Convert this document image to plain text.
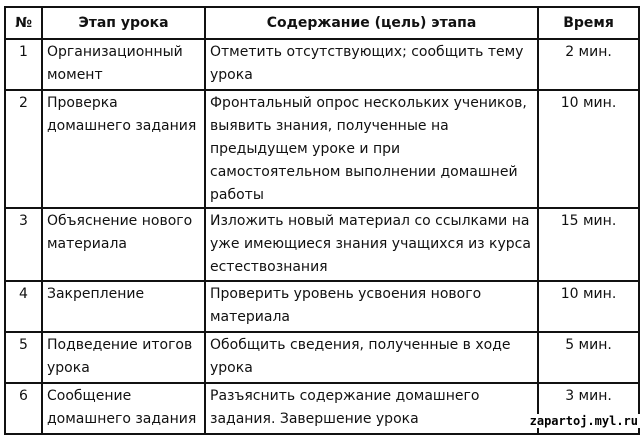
№	Этап урока	Содержание (цель) этапа	Время
1	Организационный момент	Отметить отсутствующих; сообщить тему урока	2 мин.
2	Проверка домашнего задания	Фронтальный опрос нескольких учеников, выявить знания, полученные на предыдущем уроке и при самостоятельном выполнении домашней работы	10 мин.
3	Объяснение нового материала	Изложить новый материал со ссылками на уже имеющиеся знания учащихся из курса естествознания	15 мин.
4	Закрепление	Проверить уровень усвоения нового материала	10 мин.
5	Подведение итогов урока	Обобщить сведения, полученные в ходе урока	5 мин.
6	Сообщение домашнего задания	Разъяснить содержание домашнего задания. Завершение урока	3 мин.
zapartoj.myl.ru
